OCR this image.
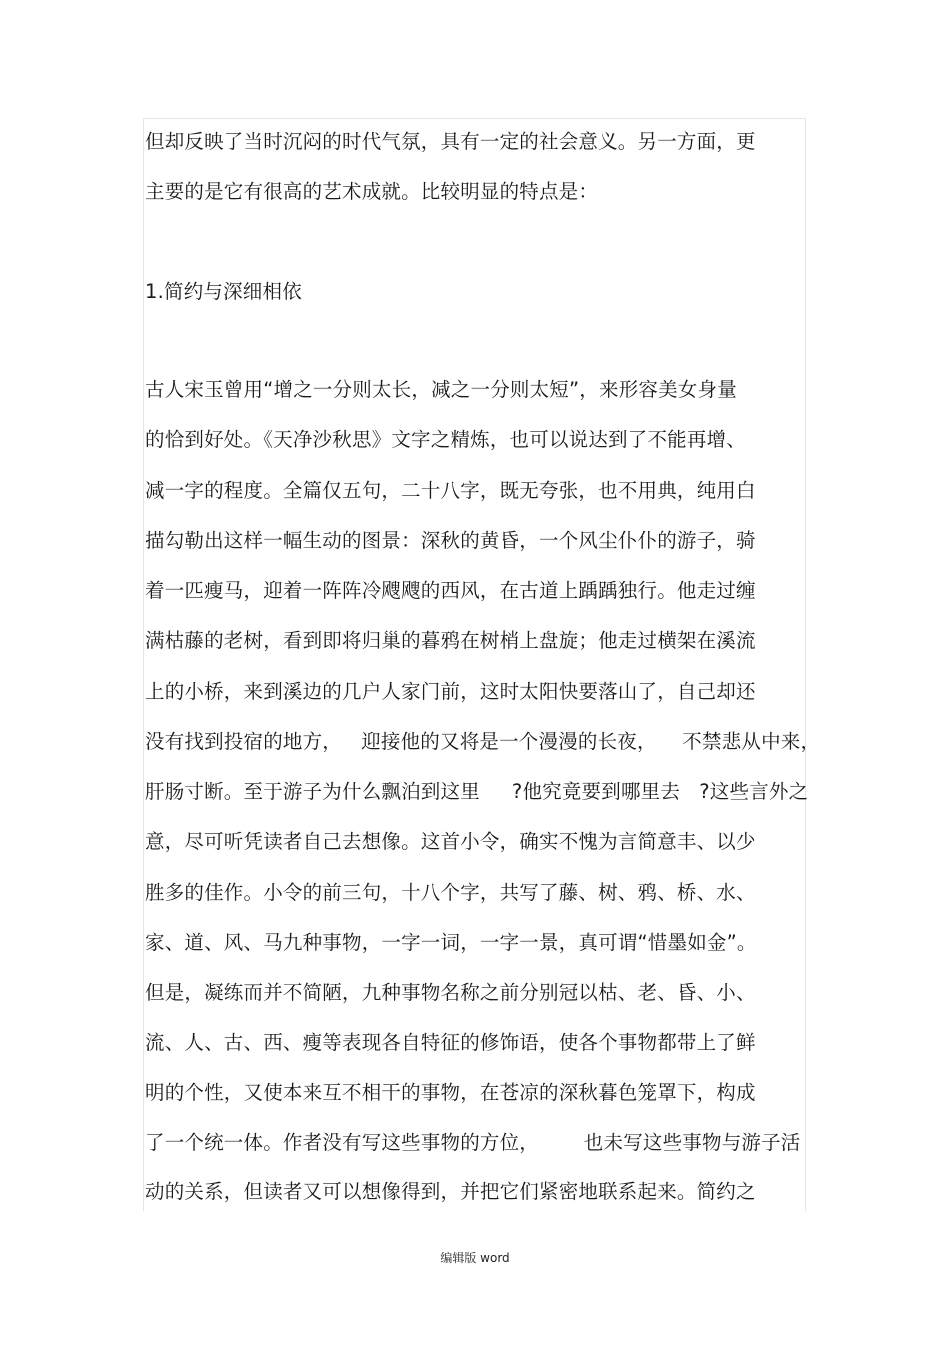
但却反映了当时沉闷的时代气氛，具有一定的社会意义。另一方面，更
主要的是它有很高的艺术成就。比较明显的特点是：
1.简约与深细相依
古人宋玉曾用“增之一分则太长，减之一分则太短”，来形容美女身量
的恰到好处。《天净沙秋思》文字之精炼，也可以说达到了不能再增、
减一字的程度。全篇仅五句，二十八字，既无夸张，也不用典，纯用白
描勾勒出这样一幅生动的图景：深秋的黄昏，一个风尘仆仆的游子，骑
着一匹瘦马，迎着一阵阵冷飕飕的西风，在古道上踽踽独行。他走过缠
满枯藤的老树，看到即将归巢的暮鸦在树梢上盘旋；他走过横架在溪流
上的小桥，来到溪边的几户人家门前，这时太阳快要落山了，自己却还
没有找到投宿的地方，   迎接他的又将是一个漫漫的长夜，    不禁悲从中来，
肝肠寸断。至于游子为什么飘泊到这里     ?他究竟要到哪里去   ?这些言外之
意，尽可听凭读者自己去想像。这首小令，确实不愧为言简意丰、以少
胜多的佳作。小令的前三句，十八个字，共写了藤、树、鸦、桥、水、
家、道、风、马九种事物，一字一词，一字一景，真可谓“惜墨如金”。
但是，凝练而并不简陋，九种事物名称之前分别冠以枯、老、昏、小、
流、人、古、西、瘦等表现各自特征的修饰语，使各个事物都带上了鲜
明的个性，又使本来互不相干的事物，在苍凉的深秋暮色笼罩下，构成
了一个统一体。作者没有写这些事物的方位，       也未写这些事物与游子活
动的关系，但读者又可以想像得到，并把它们紧密地联系起来。简约之
编辑版 word
